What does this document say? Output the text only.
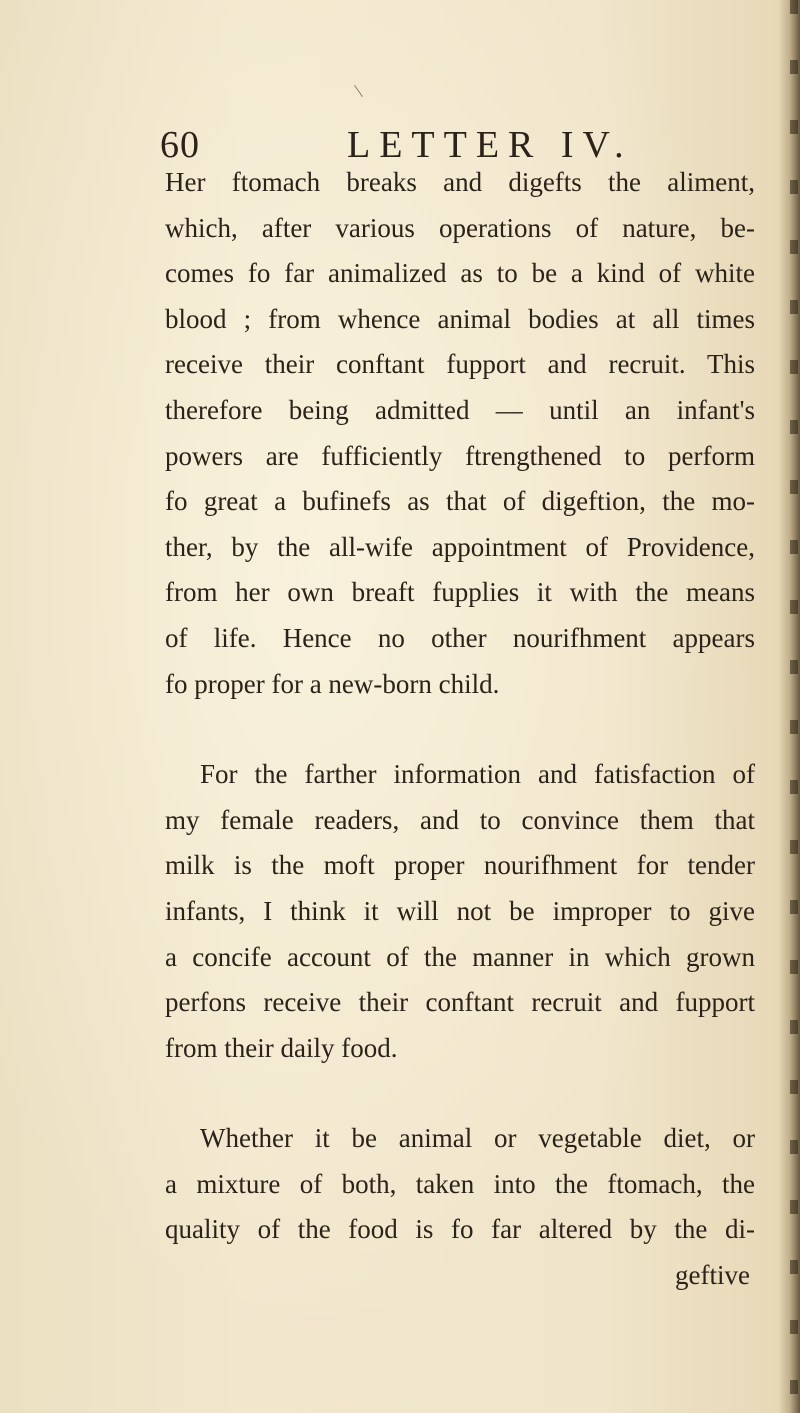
60	LETTER IV.
Her ftomach breaks and digefts the aliment,
which, after various operations of nature, be-
comes fo far animalized as to be a kind of white
blood ; from whence animal bodies at all times
receive their conftant fupport and recruit. This
therefore being admitted — until an infant's
powers are fufficiently ftrengthened to perform
fo great a bufinefs as that of digeftion, the mo-
ther, by the all-wife appointment of Providence,
from her own breaft fupplies it with the means
of life. Hence no other nourifhment appears
fo proper for a new-born child.
For the farther information and fatisfaction of
my female readers, and to convince them that
milk is the moft proper nourifhment for tender
infants, I think it will not be improper to give
a concife account of the manner in which grown
perfons receive their conftant recruit and fupport
from their daily food.
Whether it be animal or vegetable diet, or
a mixture of both, taken into the ftomach, the
quality of the food is fo far altered by the di-
geftive
